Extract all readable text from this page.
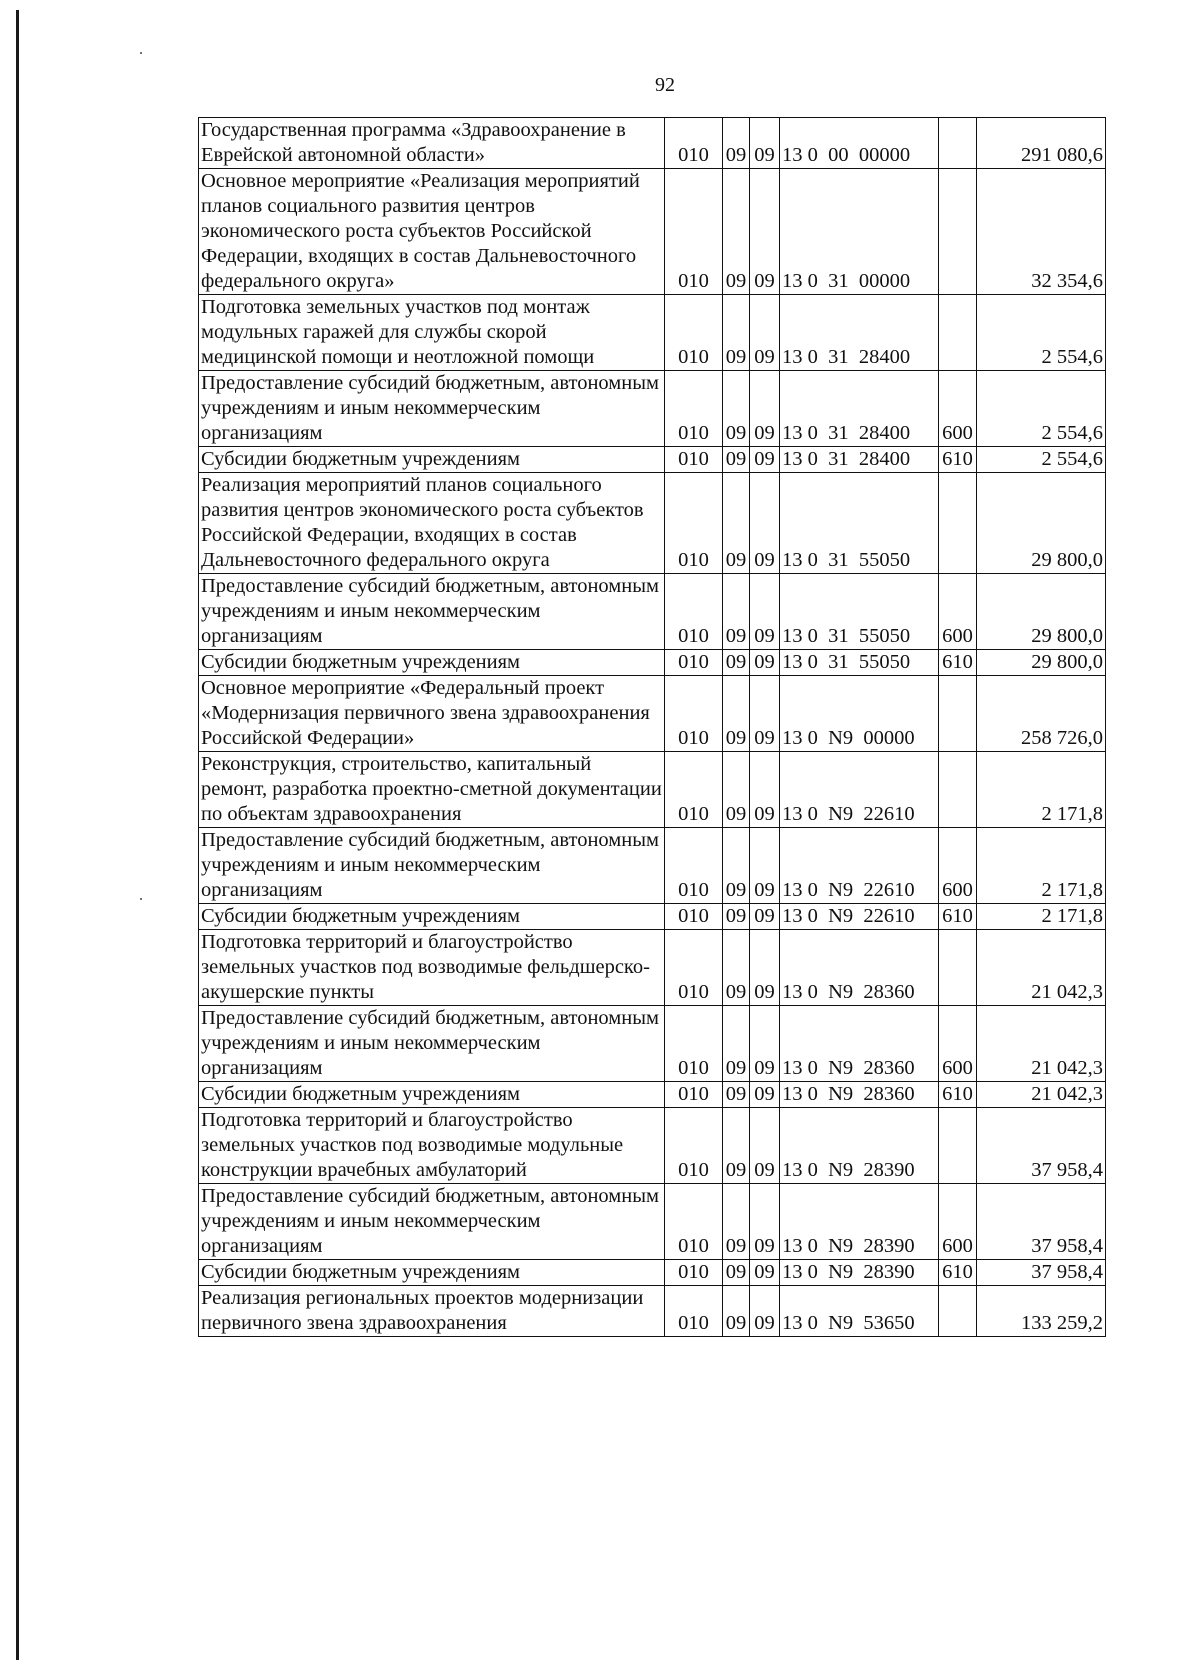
92
Государственная программа «Здравоохранение в Еврейской автономной области»	010	09	09	13 0  00  00000		291 080,6
Основное мероприятие «Реализация мероприятий планов социального развития центров экономического роста субъектов Российской Федерации, входящих в состав Дальневосточного федерального округа»	010	09	09	13 0  31  00000		32 354,6
Подготовка земельных участков под монтаж модульных гаражей для службы скорой медицинской помощи и неотложной помощи	010	09	09	13 0  31  28400		2 554,6
Предоставление субсидий бюджетным, автономным учреждениям и иным некоммерческим организациям	010	09	09	13 0  31  28400	600	2 554,6
Субсидии бюджетным учреждениям	010	09	09	13 0  31  28400	610	2 554,6
Реализация мероприятий планов социального развития центров экономического роста субъектов Российской Федерации, входящих в состав Дальневосточного федерального округа	010	09	09	13 0  31  55050		29 800,0
Предоставление субсидий бюджетным, автономным учреждениям и иным некоммерческим организациям	010	09	09	13 0  31  55050	600	29 800,0
Субсидии бюджетным учреждениям	010	09	09	13 0  31  55050	610	29 800,0
Основное мероприятие «Федеральный проект «Модернизация первичного звена здравоохранения Российской Федерации»	010	09	09	13 0  N9  00000		258 726,0
Реконструкция, строительство, капитальный ремонт, разработка проектно-сметной документации по объектам здравоохранения	010	09	09	13 0  N9  22610		2 171,8
Предоставление субсидий бюджетным, автономным учреждениям и иным некоммерческим организациям	010	09	09	13 0  N9  22610	600	2 171,8
Субсидии бюджетным учреждениям	010	09	09	13 0  N9  22610	610	2 171,8
Подготовка территорий и благоустройство земельных участков под возводимые фельдшерско-акушерские пункты	010	09	09	13 0  N9  28360		21 042,3
Предоставление субсидий бюджетным, автономным учреждениям и иным некоммерческим организациям	010	09	09	13 0  N9  28360	600	21 042,3
Субсидии бюджетным учреждениям	010	09	09	13 0  N9  28360	610	21 042,3
Подготовка территорий и благоустройство земельных участков под возводимые модульные конструкции врачебных амбулаторий	010	09	09	13 0  N9  28390		37 958,4
Предоставление субсидий бюджетным, автономным учреждениям и иным некоммерческим организациям	010	09	09	13 0  N9  28390	600	37 958,4
Субсидии бюджетным учреждениям	010	09	09	13 0  N9  28390	610	37 958,4
Реализация региональных проектов модернизации первичного звена здравоохранения	010	09	09	13 0  N9  53650		133 259,2
